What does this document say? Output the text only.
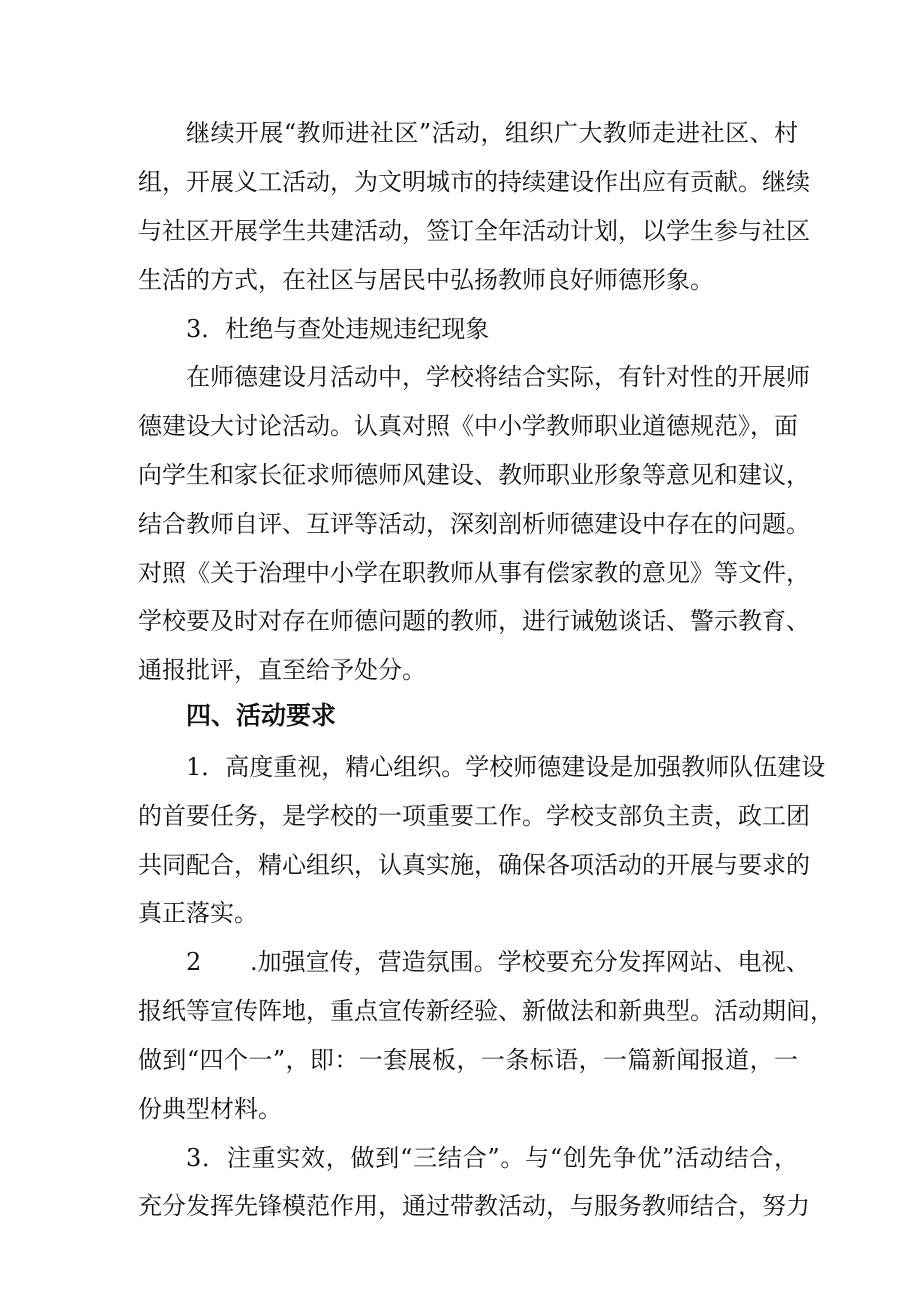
继续开展“教师进社区”活动，组织广大教师走进社区、村
组，开展义工活动，为文明城市的持续建设作出应有贡献。继续
与社区开展学生共建活动，签订全年活动计划，以学生参与社区
生活的方式，在社区与居民中弘扬教师良好师德形象。
3．杜绝与查处违规违纪现象
在师德建设月活动中，学校将结合实际，有针对性的开展师
德建设大讨论活动。认真对照《中小学教师职业道德规范》，面
向学生和家长征求师德师风建设、教师职业形象等意见和建议，
结合教师自评、互评等活动，深刻剖析师德建设中存在的问题。
对照《关于治理中小学在职教师从事有偿家教的意见》等文件，
学校要及时对存在师德问题的教师，进行诫勉谈话、警示教育、
通报批评，直至给予处分。
四、活动要求
1．高度重视，精心组织。学校师德建设是加强教师队伍建设
的首要任务，是学校的一项重要工作。学校支部负主责，政工团
共同配合，精心组织，认真实施，确保各项活动的开展与要求的
真正落实。
2 .加强宣传，营造氛围。学校要充分发挥网站、电视、
报纸等宣传阵地，重点宣传新经验、新做法和新典型。活动期间，
做到“四个一”，即：一套展板，一条标语，一篇新闻报道，一
份典型材料。
3．注重实效，做到“三结合”。与“创先争优”活动结合，
充分发挥先锋模范作用，通过带教活动，与服务教师结合，努力
